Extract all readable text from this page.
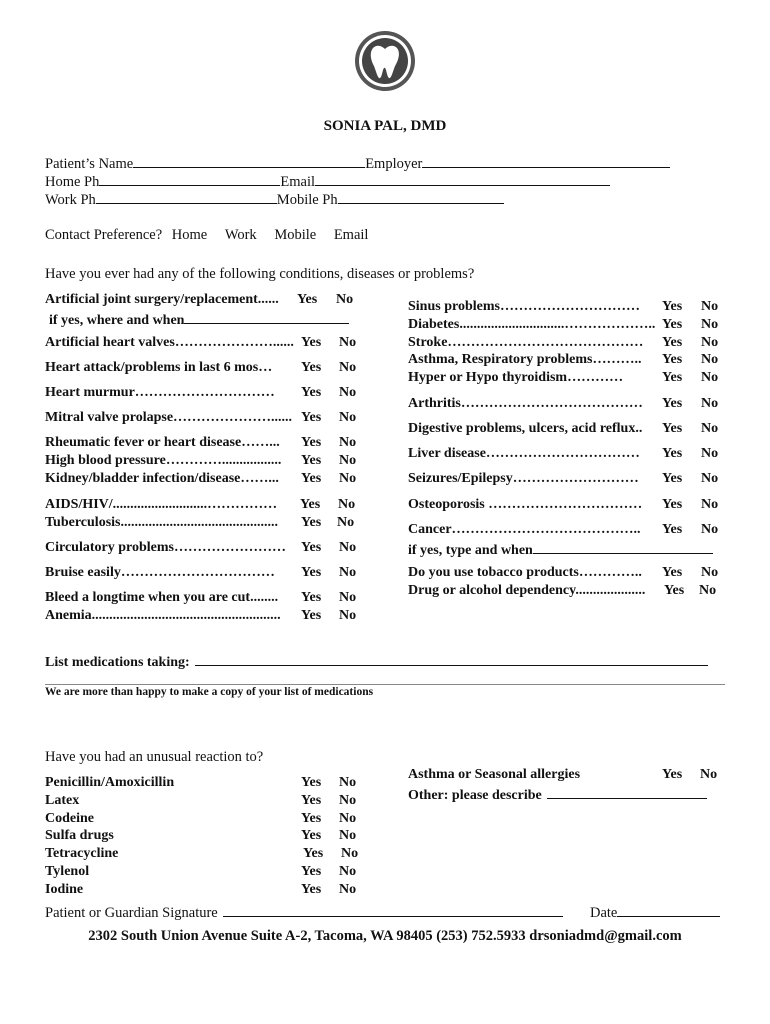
SONIA PAL, DMD
Patient’s Name	Employer
Home Ph	Email
Work Ph	Mobile Ph
Contact Preference? Home Work Mobile Email
Have you ever had any of the following conditions, diseases or problems?
Artificial joint surgery/replacement...... Yes No
if yes, where and when
Artificial heart valves…………………...... Yes No
Heart attack/problems in last 6 mos… Yes No
Heart murmur………………………… Yes No
Mitral valve prolapse…………………...... Yes No
Rheumatic fever or heart disease……... Yes No
High blood pressure…………................. Yes No
Kidney/bladder infection/disease……... Yes No
AIDS/HIV/...........................…………… Yes No
Tuberculosis............................................. Yes No
Circulatory problems…………………… Yes No
Bruise easily…………………………… Yes No
Bleed a longtime when you are cut........ Yes No
Anemia...................................................... Yes No
Sinus problems………………………… Yes No
Diabetes..............................……………….. Yes No
Stroke…………………………………… Yes No
Asthma, Respiratory problems……….. Yes No
Hyper or Hypo thyroidism…………	Yes No
Arthritis………………………………… Yes No
Digestive problems, ulcers, acid reflux.. Yes No
Liver disease…………………………… Yes No
Seizures/Epilepsy……………………… Yes No
Osteoporosis …………………………… Yes No
Cancer………………………………….. Yes No
if yes, type and when
Do you use tobacco products………….. Yes No
Drug or alcohol dependency.................... Yes No
List medications taking:
We are more than happy to make a copy of your list of medications
Have you had an unusual reaction to?
Penicillin/Amoxicillin	Yes No
Latex	Yes No
Codeine	Yes No
Sulfa drugs	Yes No
Tetracycline	Yes No
Tylenol	Yes No
Iodine	Yes No
Asthma or Seasonal allergies	Yes No
Other: please describe
Patient or Guardian Signature	Date
2302 South Union Avenue Suite A-2, Tacoma, WA 98405 (253) 752.5933 drsoniadmd@gmail.com
